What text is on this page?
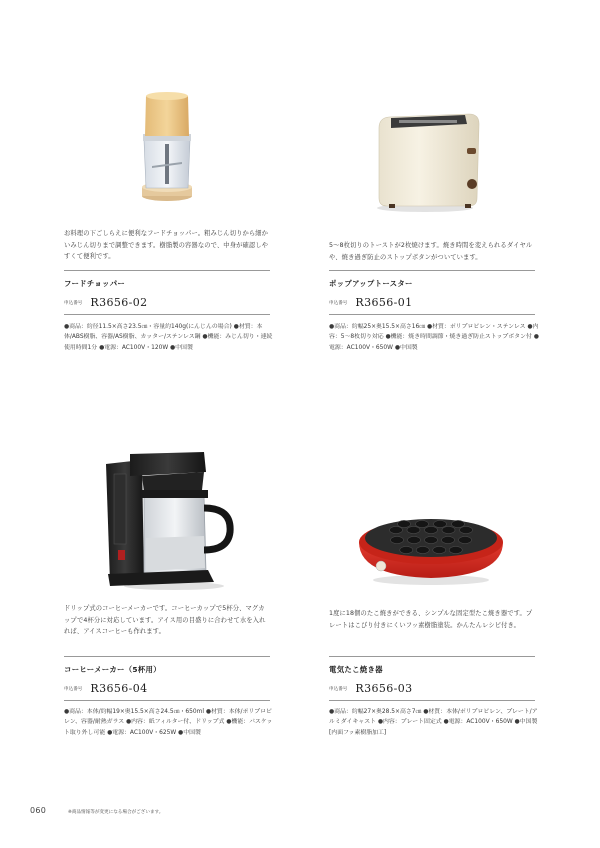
お料理の下ごしらえに便利なフードチョッパー。粗みじん切りから細かいみじん切りまで調整できます。樹脂製の容器なので、中身が確認しやすくて便利です。

フードチョッパー
申込番号 R3656-02

●商品：約径11.5×高さ23.5㎝・容量約140g(にんじんの場合) ●材質：本体/ABS樹脂、容器/AS樹脂、カッター/ステンレス鋼 ●機能：みじん切り・連続使用時間1分 ●電源：AC100V・120W ●中国製

5～8枚切りのトーストが2枚焼けます。焼き時間を変えられるダイヤルや、焼き過ぎ防止のストップボタンがついています。

ポップアップトースター
申込番号 R3656-01

●商品：約幅25×奥15.5×高さ16㎝ ●材質：ポリプロピレン・ステンレス ●内容：5～8枚切り対応 ●機能：焼き時間調節・焼き過ぎ防止ストップボタン付 ●電源：AC100V・650W ●中国製

ドリップ式のコーヒーメーカーです。コーヒーカップで5杯分、マグカップで4杯分に対応しています。アイス用の目盛りに合わせて水を入れれば、アイスコーヒーも作れます。

コーヒーメーカー（5杯用）
申込番号 R3656-04

●商品：本体/約幅19×奥15.5×高さ24.5㎝・650ml ●材質：本体/ポリプロピレン、容器/耐熱ガラス ●内容：紙フィルター付、ドリップ式 ●機能：バスケット取り外し可能 ●電源：AC100V・625W ●中国製

1度に18個のたこ焼きができる、シンプルな固定型たこ焼き器です。プレートはこびり付きにくいフッ素樹脂塗装。かんたんレシピ付き。

電気たこ焼き器
申込番号 R3656-03

●商品：約幅27×奥28.5×高さ7㎝ ●材質：本体/ポリプロピレン、プレート/アルミダイキャスト ●内容：プレート固定式 ●電源：AC100V・650W ●中国製 [内面フッ素樹脂加工]

060	※商品情報等が変更になる場合がございます。
